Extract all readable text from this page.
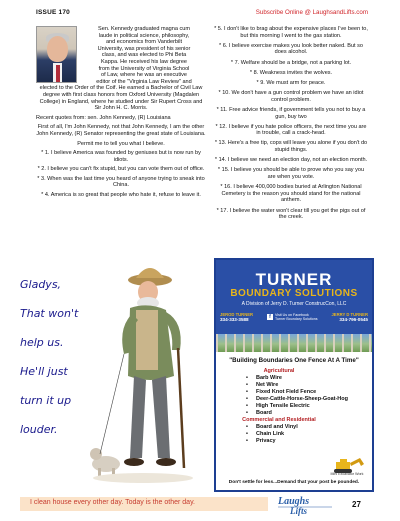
ISSUE 170	Subscribe Online @ LaughsandLifts.com
Sen. Kennedy graduated magna cum
laude in political science, philosophy,
and economics from Vanderbilt
University, was president of his senior
class, and was elected to Phi Beta
Kappa. He received his law degree
from the University of Virginia School
of Law, where he was an executive
editor of the "Virginia Law Review" and

elected to the Order of the Coif. He earned a Bachelor of Civil Law degree with first class honors from Oxford University (Magdalen College) in England, where he studied under Sir Rupert Cross and Sir John H. C. Morris.

Recent quotes from: sen. John Kennedy, (R) Louisiana

First of all, I'm John Kennedy, not that John Kennedy, I am the other John Kennedy, (R) Senator representing the great state of Louisiana.

Permit me to tell you what I believe.

* 1. I believe America was founded by geniuses but is now run by idiots.

* 2. I believe you can't fix stupid, but you can vote them out of office.

* 3. When was the last time you heard of anyone trying to sneak into China.

* 4. America is so great that people who hate it, refuse to leave it.

* 5. I don't like to brag about the expensive places I've been to, but this morning I went to the gas station.

* 6. I believe exercise makes you look better naked. But so does alcohol.

* 7. Welfare should be a bridge, not a parking lot.

* 8. Weakness invites the wolves.

* 9. We must arm for peace.

* 10. We don't have a gun control problem we have an idiot control problem.

* 11. Free advice friends, if government tells you not to buy a gun, buy two

* 12. I believe if you hate police officers, the next time you are in trouble, call a crack-head.

* 13. Here's a free tip, cops will leave you alone if you don't do stupid things.

* 14. I believe we need an election day, not an election month.

* 15. I believe you should be able to prove who you say you are when you vote.

* 16. I believe 400,000 bodies buried at Arlington National Cemetery is the reason you should stand for the national anthem.

* 17. I believe the water won't clear till you get the pigs out of the creek.

Gladys,
That won't
help us.
He'll just
turn it up
louder.
TURNER
BOUNDARY SOLUTIONS
A Division of Jerry D. Turner ConstrucCon, LLC
JEROD TURNER
334-333-3588	f	Visit Us on Facebook
Turner Boundary Solutions
JERRY D TURNER
334-796-0545
"Building Boundaries One Fence At A Time"
Agricultural
• Barb Wire
• Net Wire
• Fixed Knot Field Fence
• Deer-Cattle-Horse-Sheep-Goat-Hog
• High Tensile Electric
• Board
Commercial and Residential
• Board and Vinyl
• Chain Link
• Privacy
Mini Excavator Work
Don't settle for less...Demand that your post be pounded.
I clean house every other day. Today is the other day.	Laughs
Lifts
27
